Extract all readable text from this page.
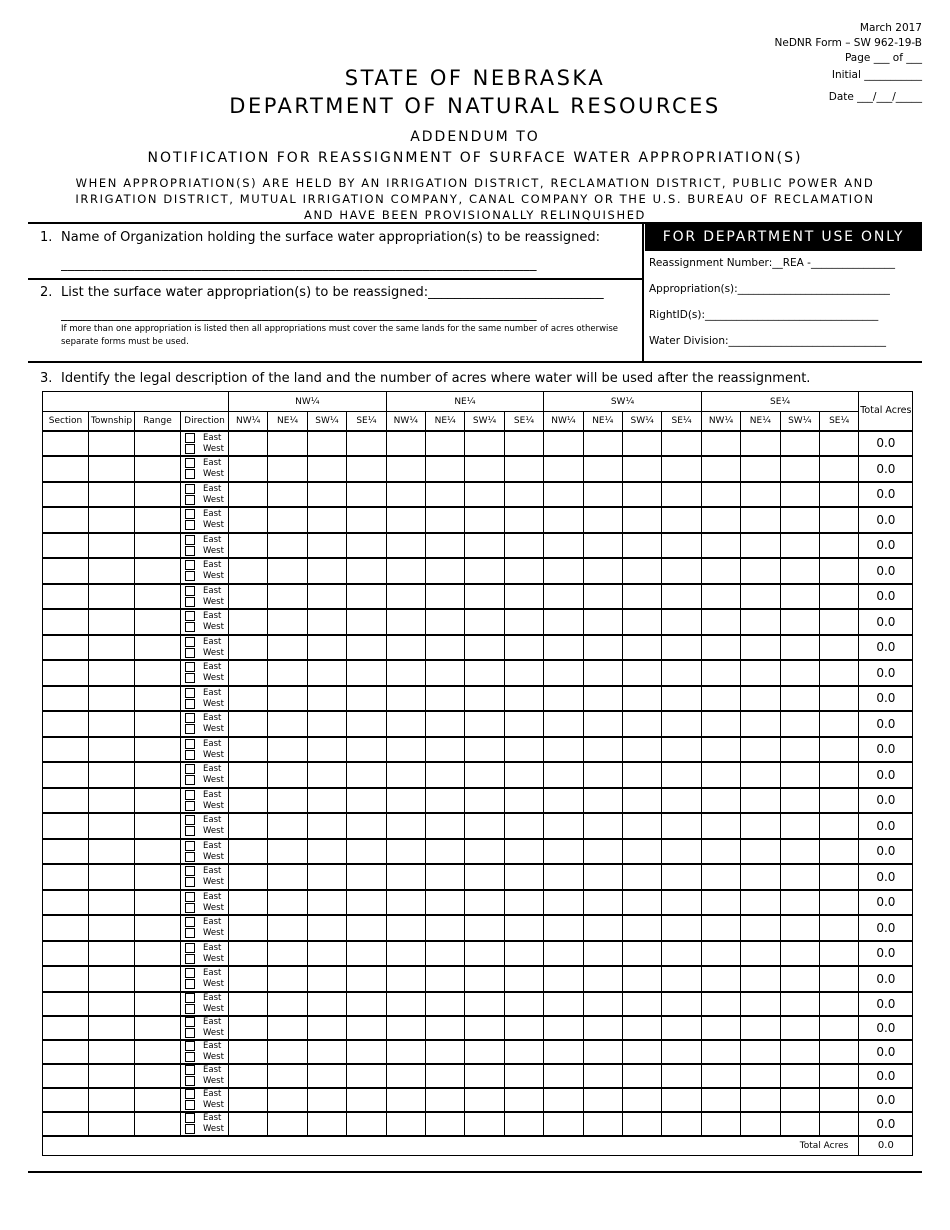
March 2017
NeDNR Form – SW 962-19-B
Page ___ of ___
Initial ___________
Date ___/___/_____
STATE OF NEBRASKA
DEPARTMENT OF NATURAL RESOURCES
ADDENDUM TO
NOTIFICATION FOR REASSIGNMENT OF SURFACE WATER APPROPRIATION(S)
WHEN APPROPRIATION(S) ARE HELD BY AN IRRIGATION DISTRICT, RECLAMATION DISTRICT, PUBLIC POWER AND IRRIGATION DISTRICT, MUTUAL IRRIGATION COMPANY, CANAL COMPANY OR THE U.S. BUREAU OF RECLAMATION AND HAVE BEEN PROVISIONALLY RELINQUISHED
1. Name of Organization holding the surface water appropriation(s) to be reassigned:
_______________________________________________________________________
2. List the surface water appropriation(s) to be reassigned:___________________________
_______________________________________________________________________
If more than one appropriation is listed then all appropriations must cover the same lands for the same number of acres otherwise separate forms must be used.
FOR DEPARTMENT USE ONLY
Reassignment Number:__REA -________________
Appropriation(s):_____________________________
RightID(s):_________________________________
Water Division:______________________________
3. Identify the legal description of the land and the number of acres where water will be used after the reassignment.
				NW¼				NE¼				SW¼				SE¼				Total Acres
Section	Township	Range	Direction	NW¼	NE¼	SW¼	SE¼	NW¼	NE¼	SW¼	SE¼	NW¼	NE¼	SW¼	SE¼	NW¼	NE¼	SW¼	SE¼	

			East
West																	0.0

			East
West																	0.0

			East
West																	0.0

			East
West																	0.0

			East
West																	0.0

			East
West																	0.0

			East
West																	0.0

			East
West																	0.0

			East
West																	0.0

			East
West																	0.0

			East
West																	0.0

			East
West																	0.0

			East
West																	0.0

			East
West																	0.0

			East
West																	0.0

			East
West																	0.0

			East
West																	0.0

			East
West																	0.0

			East
West																	0.0

			East
West																	0.0

			East
West																	0.0

			East
West																	0.0

			East
West																	0.0

			East
West																	0.0

			East
West																	0.0

			East
West																	0.0

			East
West																	0.0

			East
West																	0.0
Total Acres																				0.0
